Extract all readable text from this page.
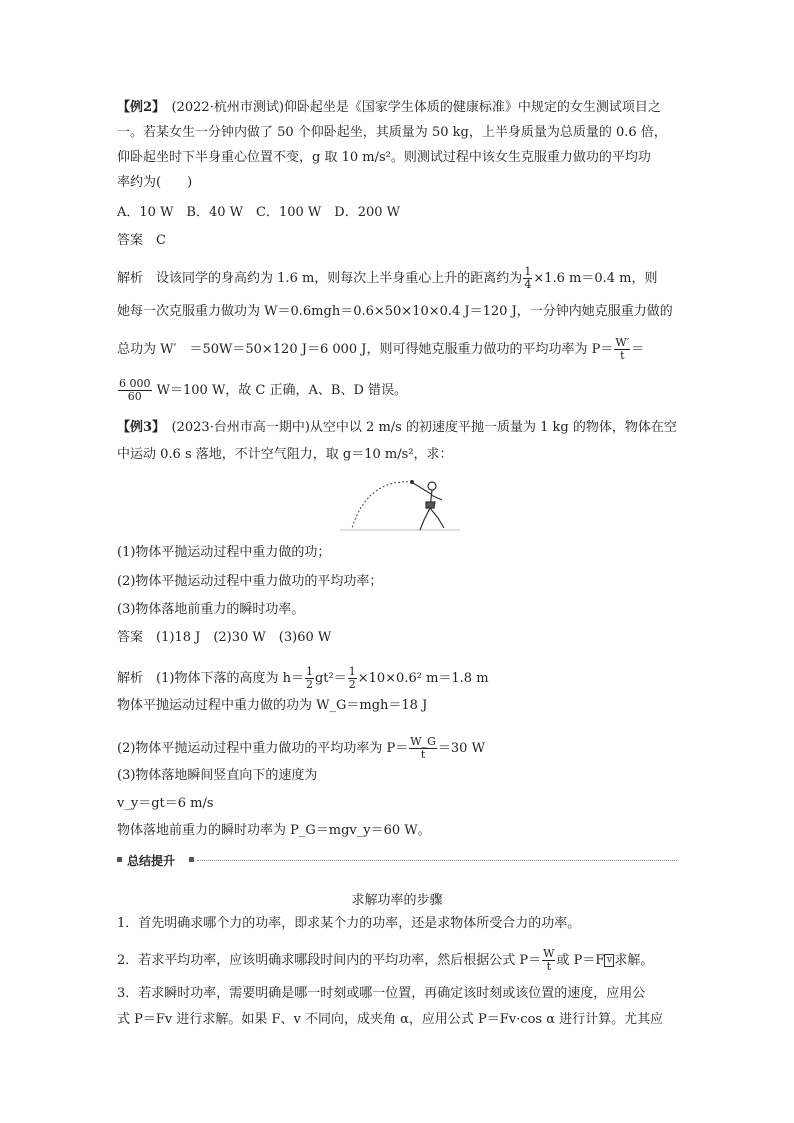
【例2】　(2022·杭州市测试)仰卧起坐是《国家学生体质的健康标准》中规定的女生测试项目之
一。若某女生一分钟内做了 50 个仰卧起坐，其质量为 50 kg，上半身质量为总质量的 0.6 倍，
仰卧起坐时下半身重心位置不变，g 取 10 m/s²。则测试过程中该女生克服重力做功的平均功
率约为(　　)
A．10 W　B．40 W　C．100 W　D．200 W
答案　 C
解析　 设该同学的身高约为 1.6 m，则每次上半身重心上升的距离约为 $\frac{1}{4} \times 1.6$ m＝0.4 m，则
她每一次克服重力做功为 W＝0.6mgh＝0.6×50×10×0.4 J＝120 J，一分钟内她克服重力做的
总功为 W′　＝50W＝50×120 J＝6 000 J，则可得她克服重力做功的平均功率为 $P= \frac{W'}{t}$ ＝
$\frac{6 000}{60} W=100$ W，故 C 正确，A、B、D 错误。
【例3】　(2023·台州市高一期中)从空中以 2 m/s 的初速度平抛一质量为 1 kg 的物体，物体在空
中运动 0.6 s 落地，不计空气阻力，取 g＝10 m/s²，求：
(1)物体平抛运动过程中重力做的功；
(2)物体平抛运动过程中重力做功的平均功率；
(3)物体落地前重力的瞬时功率。
答案　 (1)18 J　(2)30 W　(3)60 W
解析　 (1)物体下落的高度为 $h= \frac{1}{2} gt^2= \frac{1}{2} \times 10\times 0.6^2$ m＝1.8 m
物体平抛运动过程中重力做的功为 W_G＝mgh＝18 J
(2)物体平抛运动过程中重力做功的平均功率为 $P= \frac{W\_G}{t} =30$ W
(3)物体落地瞬间竖直向下的速度为
v_y＝gt＝6 m/s
物体落地前重力的瞬时功率为 P_G＝mgv_y＝60 W。
总结提升
求解功率的步骤
1．首先明确求哪个力的功率，即求某个力的功率，还是求物体所受合力的功率。
2．若求平均功率，应该明确求哪段时间内的平均功率，然后根据公式 $P= \frac{W}{t}$ 或 P＝F v 求解。
3．若求瞬时功率，需要明确是哪一时刻或哪一位置，再确定该时刻或该位置的速度，应用公
式 P＝Fv 进行求解。如果 F、v 不同向，成夹角 α，应用公式 P＝Fv·cos α 进行计算。尤其应
